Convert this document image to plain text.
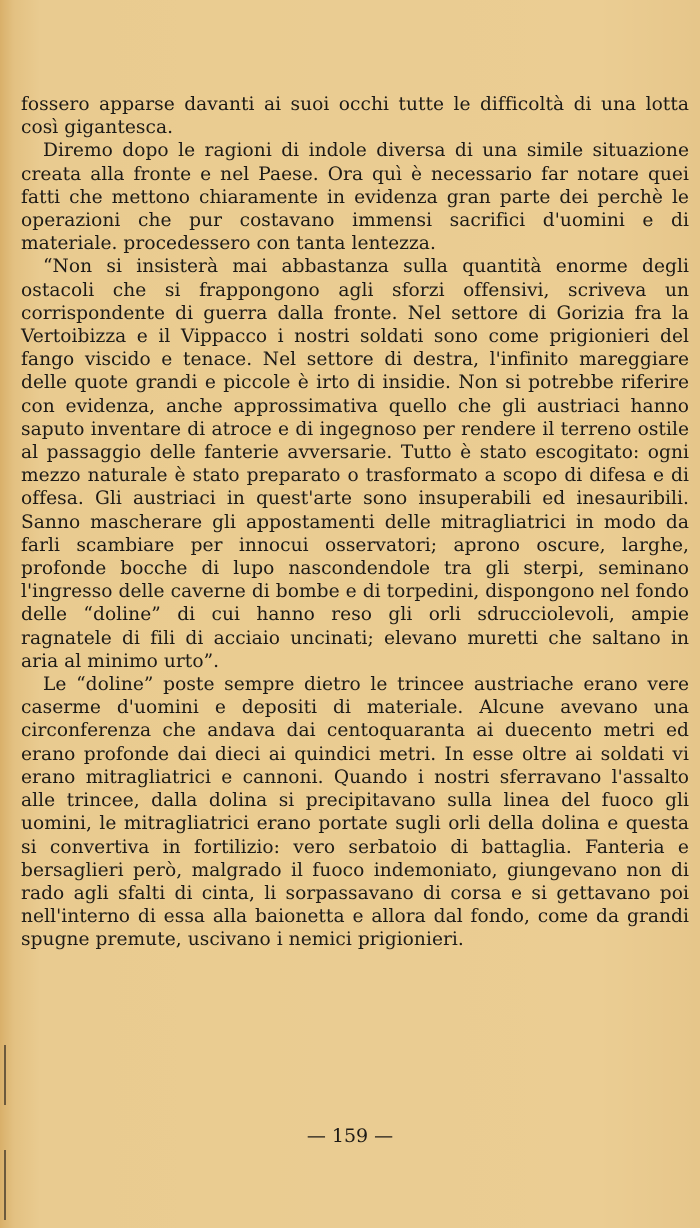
fossero apparse davanti ai suoi occhi tutte le difficoltà di una lotta così gigantesca.

Diremo dopo le ragioni di indole diversa di una simile situazione creata alla fronte e nel Paese. Ora quì è necessario far notare quei fatti che mettono chiaramente in evidenza gran parte dei perchè le operazioni che pur costavano immensi sacrifici d'uomini e di materiale. procedessero con tanta lentezza.

“Non si insisterà mai abbastanza sulla quantità enorme degli ostacoli che si frappongono agli sforzi offensivi, scriveva un corrispondente di guerra dalla fronte. Nel settore di Gorizia fra la Vertoibizza e il Vippacco i nostri soldati sono come prigionieri del fango viscido e tenace. Nel settore di destra, l'infinito mareggiare delle quote grandi e piccole è irto di insidie. Non si potrebbe riferire con evidenza, anche approssimativa quello che gli austriaci hanno saputo inventare di atroce e di ingegnoso per rendere il terreno ostile al passaggio delle fanterie avversarie. Tutto è stato escogitato: ogni mezzo naturale è stato preparato o trasformato a scopo di difesa e di offesa. Gli austriaci in quest'arte sono insuperabili ed inesauribili. Sanno mascherare gli appostamenti delle mitragliatrici in modo da farli scambiare per innocui osservatori; aprono oscure, larghe, profonde bocche di lupo nascondendole tra gli sterpi, seminano l'ingresso delle caverne di bombe e di torpedini, dispongono nel fondo delle “doline” di cui hanno reso gli orli sdrucciolevoli, ampie ragnatele di fili di acciaio uncinati; elevano muretti che saltano in aria al minimo urto”.

Le “doline” poste sempre dietro le trincee austriache erano vere caserme d'uomini e depositi di materiale. Alcune avevano una circonferenza che andava dai centoquaranta ai duecento metri ed erano profonde dai dieci ai quindici metri. In esse oltre ai soldati vi erano mitragliatrici e cannoni. Quando i nostri sferravano l'assalto alle trincee, dalla dolina si precipitavano sulla linea del fuoco gli uomini, le mitragliatrici erano portate sugli orli della dolina e questa si convertiva in fortilizio: vero serbatoio di battaglia. Fanteria e bersaglieri però, malgrado il fuoco indemoniato, giungevano non di rado agli sfalti di cinta, li sorpassavano di corsa e si gettavano poi nell'interno di essa alla baionetta e allora dal fondo, come da grandi spugne premute, uscivano i nemici prigionieri.

— 159 —
